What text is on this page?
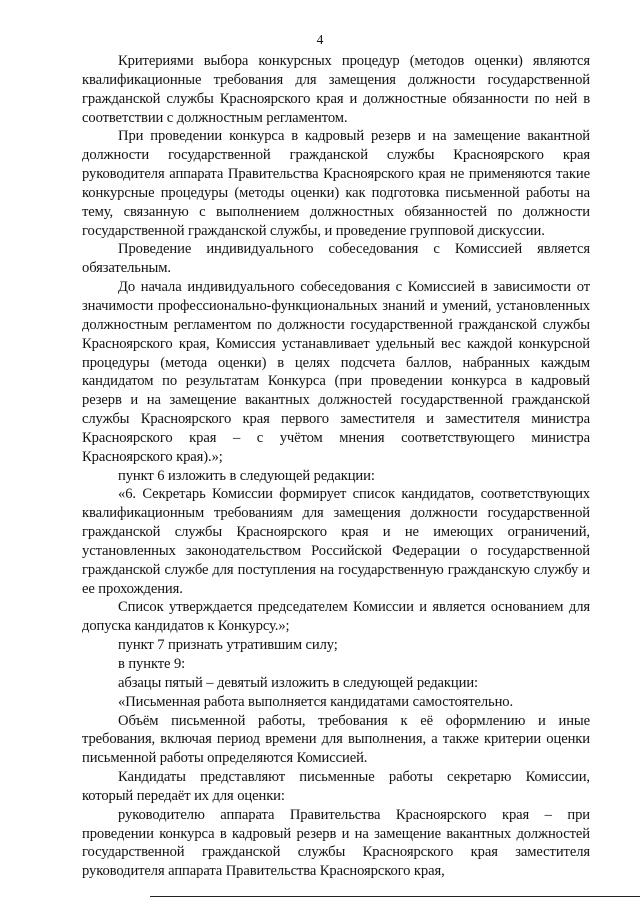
4

Критериями выбора конкурсных процедур (методов оценки) являются квалификационные требования для замещения должности государственной гражданской службы Красноярского края и должностные обязанности по ней в соответствии с должностным регламентом.

При проведении конкурса в кадровый резерв и на замещение вакантной должности государственной гражданской службы Красноярского края руководителя аппарата Правительства Красноярского края не применяются такие конкурсные процедуры (методы оценки) как подготовка письменной работы на тему, связанную с выполнением должностных обязанностей по должности государственной гражданской службы, и проведение групповой дискуссии.

Проведение индивидуального собеседования с Комиссией является обязательным.

До начала индивидуального собеседования с Комиссией в зависимости от значимости профессионально-функциональных знаний и умений, установленных должностным регламентом по должности государственной гражданской службы Красноярского края, Комиссия устанавливает удельный вес каждой конкурсной процедуры (метода оценки) в целях подсчета баллов, набранных каждым кандидатом по результатам Конкурса (при проведении конкурса в кадровый резерв и на замещение вакантных должностей государственной гражданской службы Красноярского края первого заместителя и заместителя министра Красноярского края – с учётом мнения соответствующего министра Красноярского края).»;

пункт 6 изложить в следующей редакции:

«6. Секретарь Комиссии формирует список кандидатов, соответствующих квалификационным требованиям для замещения должности государственной гражданской службы Красноярского края и не имеющих ограничений, установленных законодательством Российской Федерации о государственной гражданской службе для поступления на государственную гражданскую службу и ее прохождения.

Список утверждается председателем Комиссии и является основанием для допуска кандидатов к Конкурсу.»;

пункт 7 признать утратившим силу;

в пункте 9:

абзацы пятый – девятый изложить в следующей редакции:

«Письменная работа выполняется кандидатами самостоятельно.

Объём письменной работы, требования к её оформлению и иные требования, включая период времени для выполнения, а также критерии оценки письменной работы определяются Комиссией.

Кандидаты представляют письменные работы секретарю Комиссии, который передаёт их для оценки:

руководителю аппарата Правительства Красноярского края – при проведении конкурса в кадровый резерв и на замещение вакантных должностей государственной гражданской службы Красноярского края заместителя руководителя аппарата Правительства Красноярского края,
